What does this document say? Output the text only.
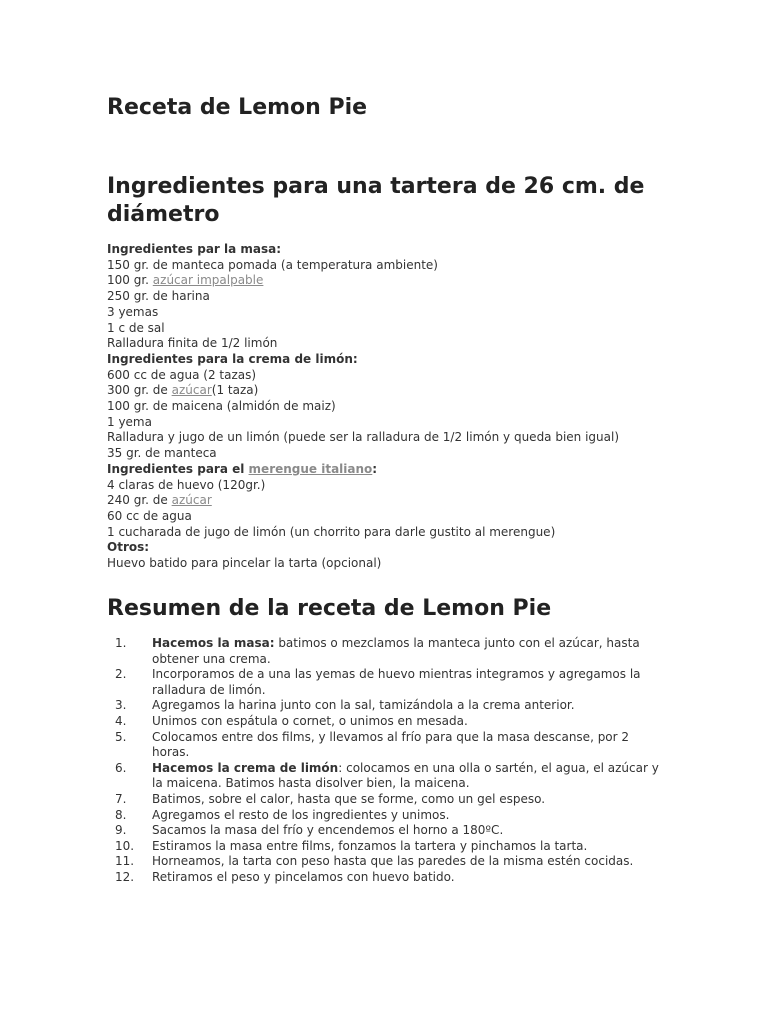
Receta de Lemon Pie
Ingredientes para una tartera de 26 cm. de diámetro
Ingredientes par la masa:
150 gr. de manteca pomada (a temperatura ambiente)
100 gr. azúcar impalpable
250 gr. de harina
3 yemas
1 c de sal
Ralladura finita de 1/2 limón
Ingredientes para la crema de limón:
600 cc de agua (2 tazas)
300 gr. de azúcar(1 taza)
100 gr. de maicena (almidón de maiz)
1 yema
Ralladura y jugo de un limón (puede ser la ralladura de 1/2 limón y queda bien igual)
35 gr. de manteca
Ingredientes para el merengue italiano:
4 claras de huevo (120gr.)
240 gr. de azúcar
60 cc de agua
1 cucharada de jugo de limón (un chorrito para darle gustito al merengue)
Otros:
Huevo batido para pincelar la tarta (opcional)
Resumen de la receta de Lemon Pie
1.	Hacemos la masa: batimos o mezclamos la manteca junto con el azúcar, hasta obtener una crema.
2.	Incorporamos de a una las yemas de huevo mientras integramos y agregamos la ralladura de limón.
3.	Agregamos la harina junto con la sal, tamizándola a la crema anterior.
4.	Unimos con espátula o cornet, o unimos en mesada.
5.	Colocamos entre dos films, y llevamos al frío para que la masa descanse, por 2 horas.
6.	Hacemos la crema de limón: colocamos en una olla o sartén, el agua, el azúcar y la maicena. Batimos hasta disolver bien, la maicena.
7.	Batimos, sobre el calor, hasta que se forme, como un gel espeso.
8.	Agregamos el resto de los ingredientes y unimos.
9.	Sacamos la masa del frío y encendemos el horno a 180ºC.
10.	Estiramos la masa entre films, fonzamos la tartera y pinchamos la tarta.
11.	Horneamos, la tarta con peso hasta que las paredes de la misma estén cocidas.
12.	Retiramos el peso y pincelamos con huevo batido.
